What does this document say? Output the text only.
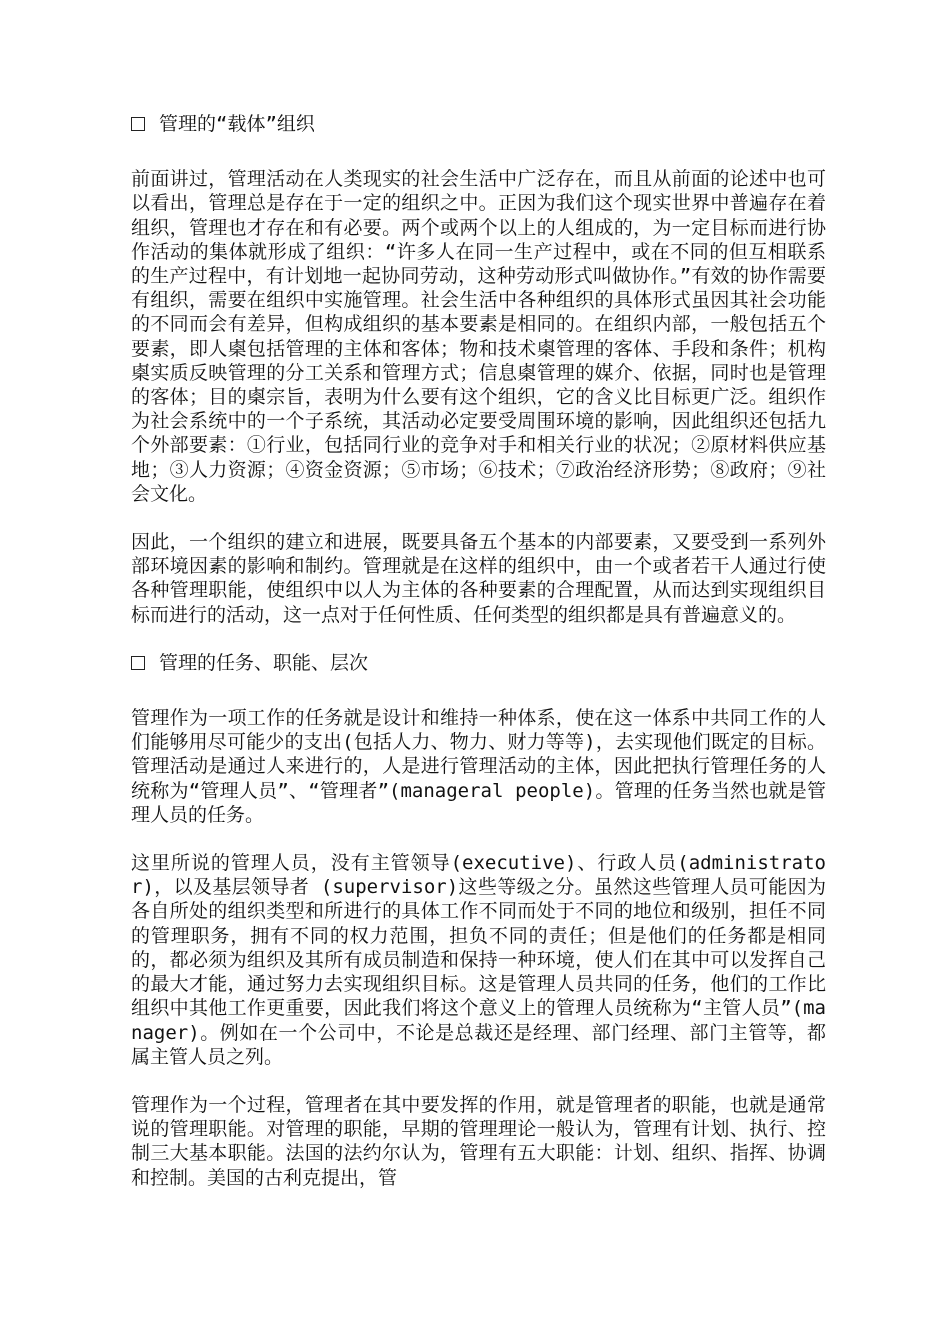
管理的“载体”组织

前面讲过，管理活动在人类现实的社会生活中广泛存在，而且从前面的论述中也可以看出，管理总是存在于一定的组织之中。正因为我们这个现实世界中普遍存在着组织，管理也才存在和有必要。两个或两个以上的人组成的，为一定目标而进行协作活动的集体就形成了组织：“许多人在同一生产过程中，或在不同的但互相联系的生产过程中，有计划地一起协同劳动，这种劳动形式叫做协作。”有效的协作需要有组织，需要在组织中实施管理。社会生活中各种组织的具体形式虽因其社会功能的不同而会有差异，但构成组织的基本要素是相同的。在组织内部，一般包括五个要素，即人㮚包括管理的主体和客体；物和技术㮚管理的客体、手段和条件；机构㮚实质反映管理的分工关系和管理方式；信息㮚管理的媒介、依据，同时也是管理的客体；目的㮚宗旨，表明为什么要有这个组织，它的含义比目标更广泛。组织作为社会系统中的一个子系统，其活动必定要受周围环境的影响，因此组织还包括九个外部要素：①行业，包括同行业的竞争对手和相关行业的状况；②原材料供应基地；③人力资源；④资金资源；⑤市场；⑥技术；⑦政治经济形势；⑧政府；⑨社会文化。

因此，一个组织的建立和进展，既要具备五个基本的内部要素，又要受到一系列外部环境因素的影响和制约。管理就是在这样的组织中，由一个或者若干人通过行使各种管理职能，使组织中以人为主体的各种要素的合理配置，从而达到实现组织目标而进行的活动，这一点对于任何性质、任何类型的组织都是具有普遍意义的。

管理的任务、职能、层次

管理作为一项工作的任务就是设计和维持一种体系，使在这一体系中共同工作的人们能够用尽可能少的支出(包括人力、物力、财力等等)，去实现他们既定的目标。管理活动是通过人来进行的，人是进行管理活动的主体，因此把执行管理任务的人统称为“管理人员”、“管理者”(manageral people)。管理的任务当然也就是管理人员的任务。

这里所说的管理人员，没有主管领导(executive)、行政人员(administrator)，以及基层领导者 (supervisor)这些等级之分。虽然这些管理人员可能因为各自所处的组织类型和所进行的具体工作不同而处于不同的地位和级别，担任不同的管理职务，拥有不同的权力范围，担负不同的责任；但是他们的任务都是相同的，都必须为组织及其所有成员制造和保持一种环境，使人们在其中可以发挥自己的最大才能，通过努力去实现组织目标。这是管理人员共同的任务，他们的工作比组织中其他工作更重要，因此我们将这个意义上的管理人员统称为“主管人员”(manager)。例如在一个公司中，不论是总裁还是经理、部门经理、部门主管等，都属主管人员之列。

管理作为一个过程，管理者在其中要发挥的作用，就是管理者的职能，也就是通常说的管理职能。对管理的职能，早期的管理理论一般认为，管理有计划、执行、控制三大基本职能。法国的法约尔认为，管理有五大职能：计划、组织、指挥、协调和控制。美国的古利克提出，管
